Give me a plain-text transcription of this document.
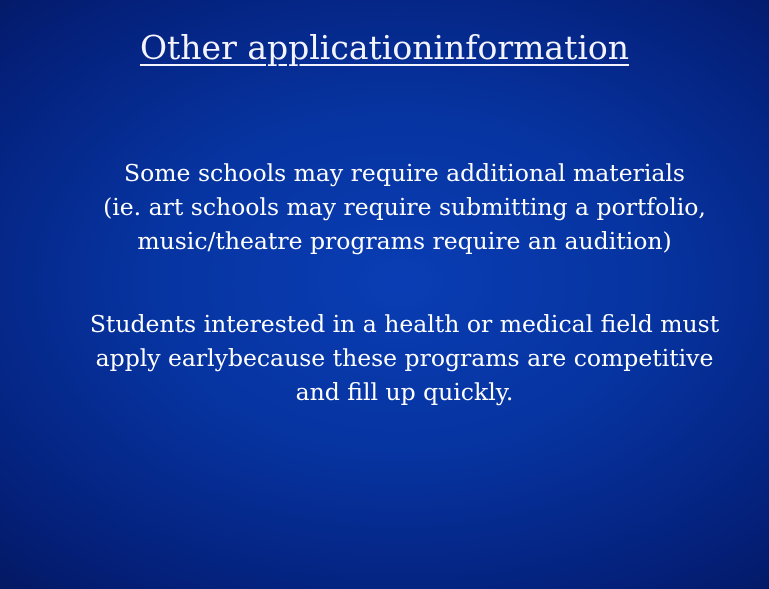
Other applicationinformation
Some schools may require additional materials
(ie. art schools may require submitting a portfolio,
music/theatre programs require an audition)
Students interested in a health or medical field must
apply earlybecause these programs are competitive
and fill up quickly.
